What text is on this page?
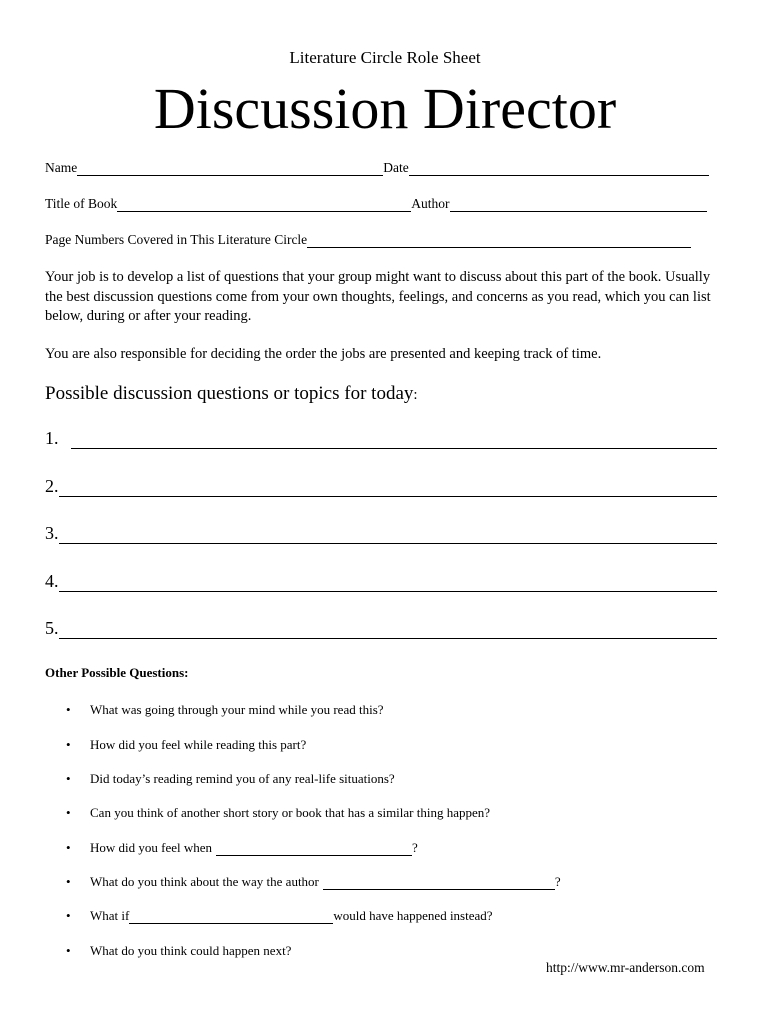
Literature Circle Role Sheet
Discussion Director
Name	Date
Title of Book	Author
Page Numbers Covered in This Literature Circle
Your job is to develop a list of questions that your group might want to discuss about this part of the book. Usually the best discussion questions come from your own thoughts, feelings, and concerns as you read, which you can list below, during or after your reading.
You are also responsible for deciding the order the jobs are presented and keeping track of time.
Possible discussion questions or topics for today:
1.
2.
3.
4.
5.
Other Possible Questions:
•	What was going through your mind while you read this?
•	How did you feel while reading this part?
•	Did today’s reading remind you of any real-life situations?
•	Can you think of another short story or book that has a similar thing happen?
•	How did you feel when	?
•	What do you think about the way the author	?
•	What if	would have happened instead?
•	What do you think could happen next?
http://www.mr-anderson.com
